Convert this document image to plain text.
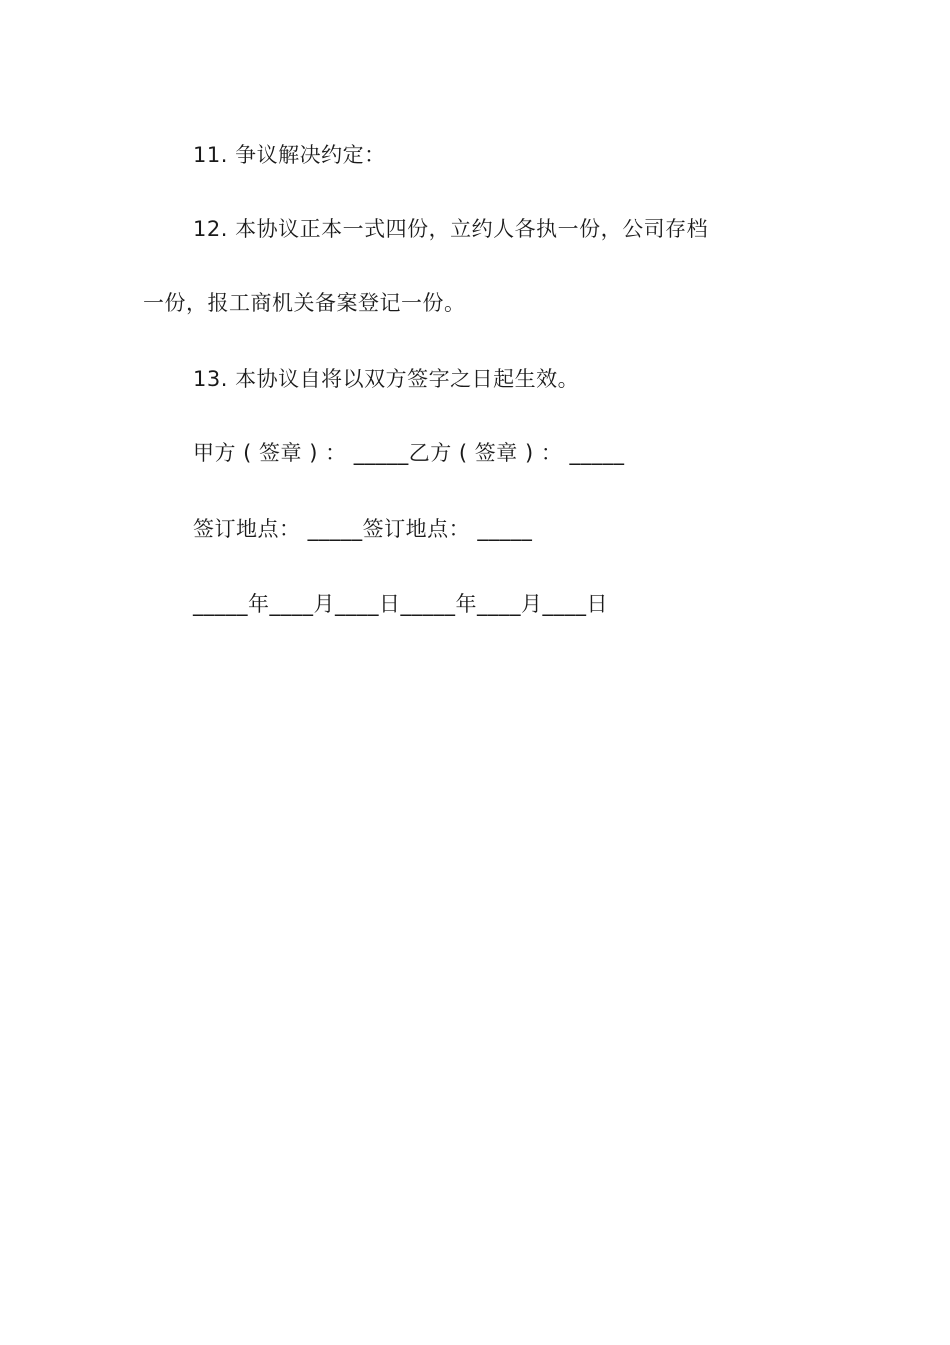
11. 争议解决约定：
12. 本协议正本一式四份，立约人各执一份，公司存档
一份，报工商机关备案登记一份。
13. 本协议自将以双方签字之日起生效。
甲方 ( 签章 ) ： _____乙方 ( 签章 ) ： _____
签订地点： _____签订地点： _____
_____年____月____日_____年____月____日
